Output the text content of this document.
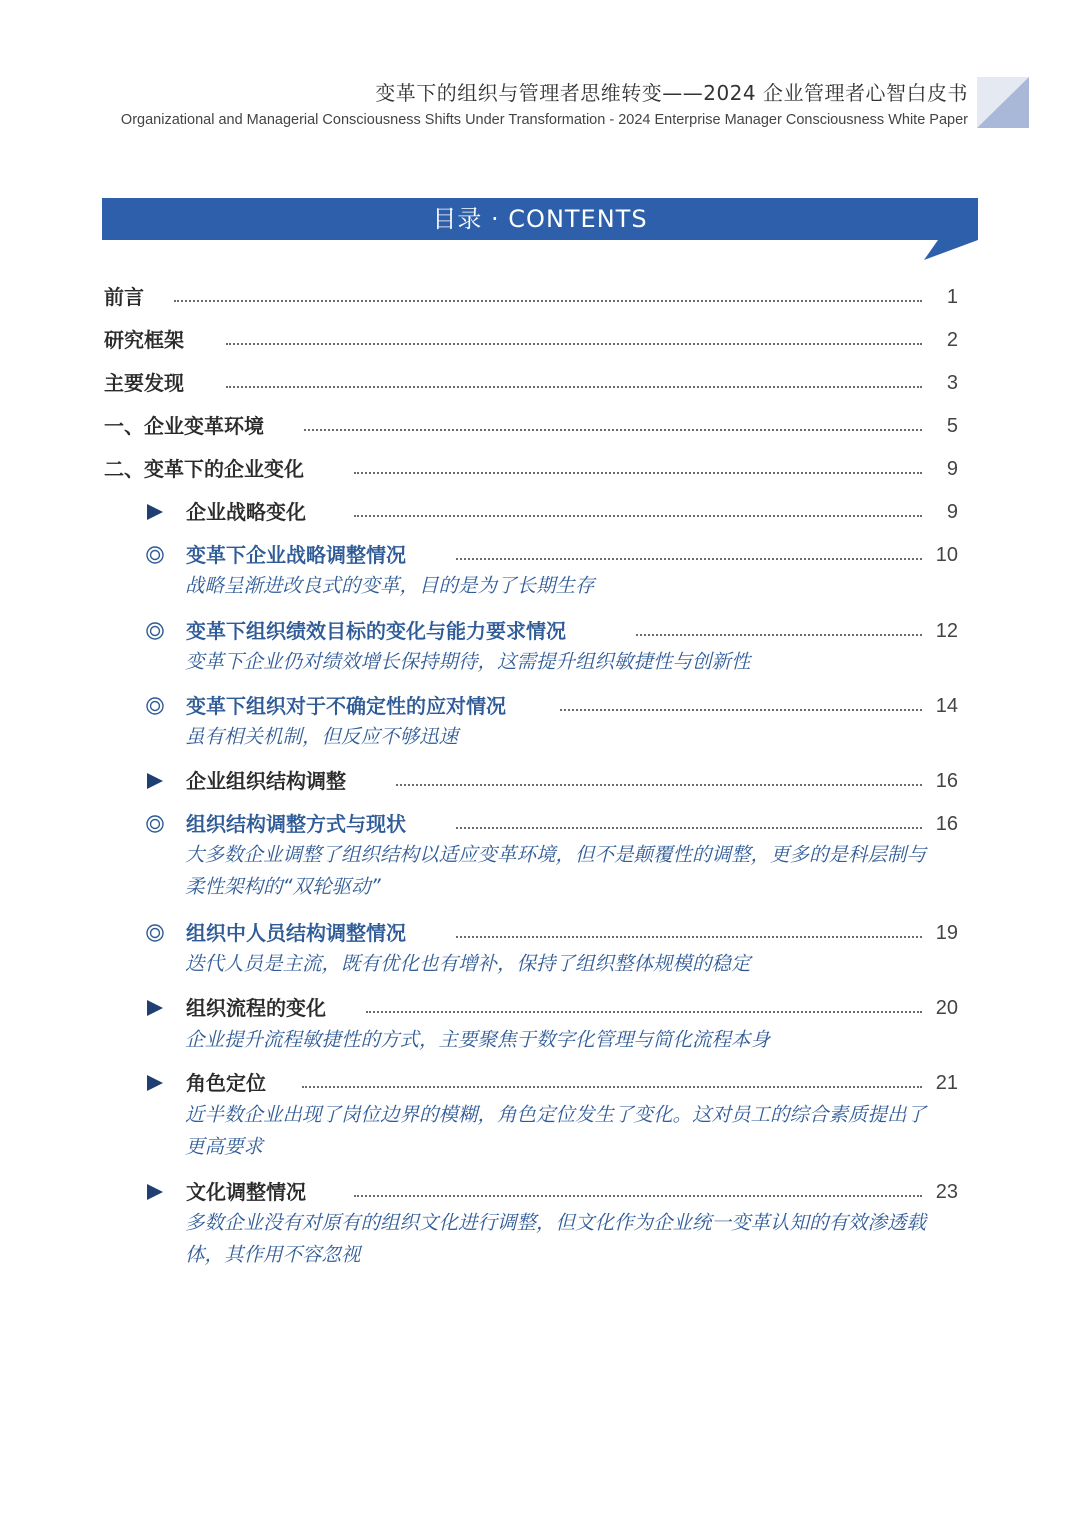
变革下的组织与管理者思维转变——2024 企业管理者心智白皮书
Organizational and Managerial Consciousness Shifts Under Transformation - 2024 Enterprise Manager Consciousness White Paper
目录 · CONTENTS
前言	1
研究框架	2
主要发现	3
一、企业变革环境	5
二、变革下的企业变化	9
企业战略变化	9
变革下企业战略调整情况	10
战略呈渐进改良式的变革，目的是为了长期生存
变革下组织绩效目标的变化与能力要求情况	12
变革下企业仍对绩效增长保持期待，这需提升组织敏捷性与创新性
变革下组织对于不确定性的应对情况	14
虽有相关机制，但反应不够迅速
企业组织结构调整	16
组织结构调整方式与现状	16
大多数企业调整了组织结构以适应变革环境，但不是颠覆性的调整，更多的是科层制与柔性架构的“双轮驱动”
组织中人员结构调整情况	19
迭代人员是主流，既有优化也有增补，保持了组织整体规模的稳定
组织流程的变化	20
企业提升流程敏捷性的方式，主要聚焦于数字化管理与简化流程本身
角色定位	21
近半数企业出现了岗位边界的模糊，角色定位发生了变化。这对员工的综合素质提出了更高要求
文化调整情况	23
多数企业没有对原有的组织文化进行调整，但文化作为企业统一变革认知的有效渗透载体，其作用不容忽视
